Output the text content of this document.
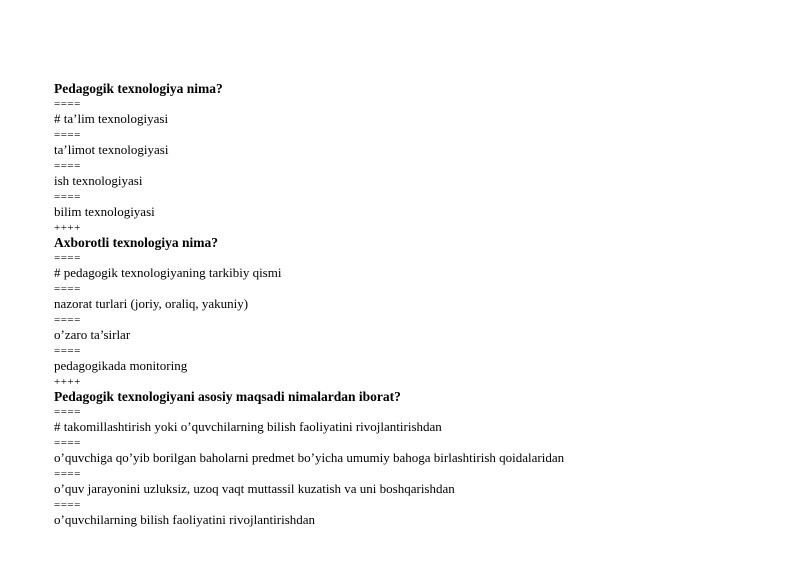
Pedagogik texnologiya nima?
====
# ta’lim texnologiyasi
====
ta’limot texnologiyasi
====
ish texnologiyasi
====
bilim texnologiyasi
++++
Axborotli texnologiya nima?
====
# pedagogik texnologiyaning tarkibiy qismi
====
nazorat turlari (joriy, oraliq, yakuniy)
====
o’zaro ta’sirlar
====
pedagogikada monitoring
++++
Pedagogik texnologiyani asosiy maqsadi nimalardan iborat?
====
# takomillashtirish yoki o’quvchilarning bilish faoliyatini rivojlantirishdan
====
o’quvchiga qo’yib borilgan baholarni predmet bo’yicha umumiy bahoga birlashtirish qoidalaridan
====
o’quv jarayonini uzluksiz, uzoq vaqt muttassil kuzatish va uni boshqarishdan
====
o’quvchilarning bilish faoliyatini rivojlantirishdan
